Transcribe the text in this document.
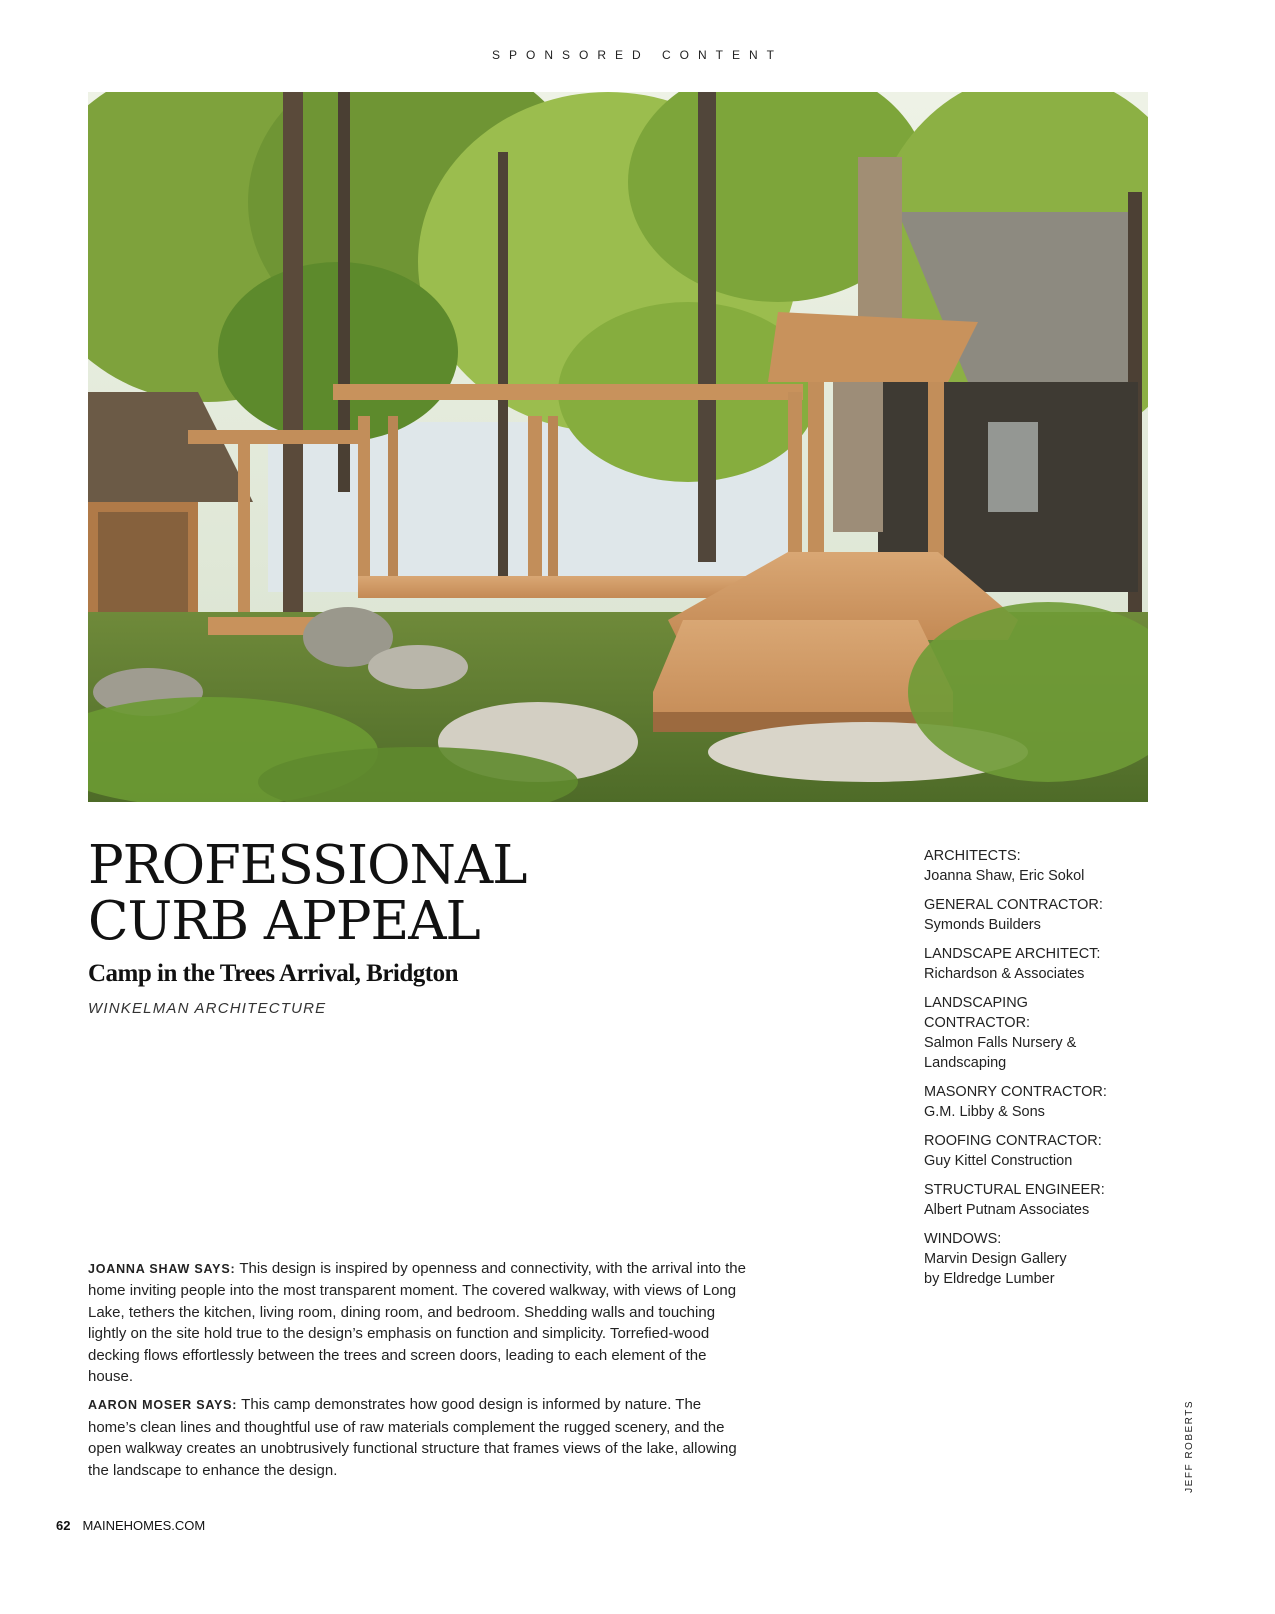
SPONSORED CONTENT
PROFESSIONAL
CURB APPEAL
Camp in the Trees Arrival, Bridgton
WINKELMAN ARCHITECTURE
ARCHITECTS:
Joanna Shaw, Eric Sokol
GENERAL CONTRACTOR:
Symonds Builders
LANDSCAPE ARCHITECT:
Richardson & Associates
LANDSCAPING
CONTRACTOR:
Salmon Falls Nursery &
Landscaping
MASONRY CONTRACTOR:
G.M. Libby & Sons
ROOFING CONTRACTOR:
Guy Kittel Construction
STRUCTURAL ENGINEER:
Albert Putnam Associates
WINDOWS:
Marvin Design Gallery
by Eldredge Lumber

JOANNA SHAW SAYS: This design is inspired by openness and connectivity, with the arrival into the home inviting people into the most transparent moment. The covered walkway, with views of Long Lake, tethers the kitchen, living room, dining room, and bedroom. Shedding walls and touching lightly on the site hold true to the design’s emphasis on function and simplicity. Torrefied-wood decking flows effortlessly between the trees and screen doors, leading to each element of the house.

AARON MOSER SAYS: This camp demonstrates how good design is informed by nature. The home’s clean lines and thoughtful use of raw materials complement the rugged scenery, and the open walkway creates an unobtrusively functional structure that frames views of the lake, allowing the landscape to enhance the design.	JEFF ROBERTS
62 MAINEHOMES.COM
